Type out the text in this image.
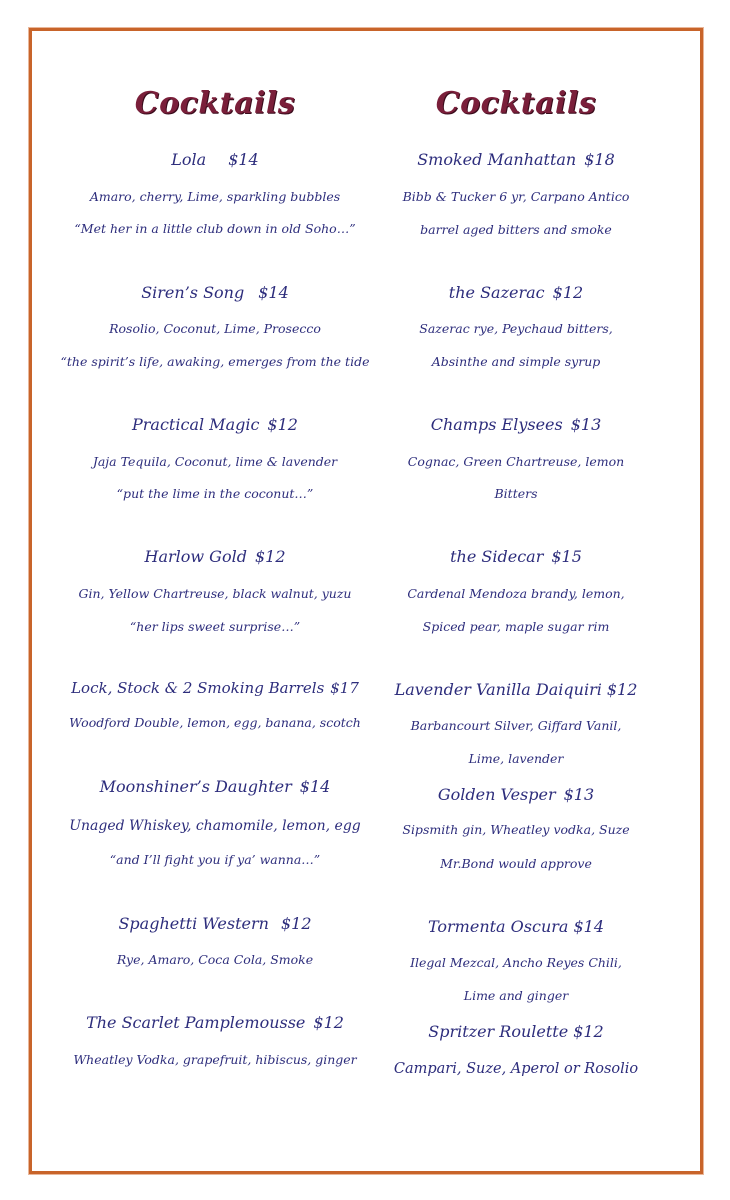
Cocktails
Lola $14
Amaro, cherry, Lime, sparkling bubbles
“Met her in a little club down in old Soho…”
Siren’s Song $14
Rosolio, Coconut, Lime, Prosecco
“the spirit’s life, awaking, emerges from the tide
Practical Magic $12
Jaja Tequila, Coconut, lime & lavender
“put the lime in the coconut…”
Harlow Gold $12
Gin, Yellow Chartreuse, black walnut, yuzu
“her lips sweet surprise…”
Lock, Stock & 2 Smoking Barrels $17
Woodford Double, lemon, egg, banana, scotch
Moonshiner’s Daughter $14
Unaged Whiskey, chamomile, lemon, egg
“and I’ll fight you if ya’ wanna…”
Spaghetti Western $12
Rye, Amaro, Coca Cola, Smoke
The Scarlet Pamplemousse $12
Wheatley Vodka, grapefruit, hibiscus, ginger
Cocktails
Smoked Manhattan $18
Bibb & Tucker 6 yr, Carpano Antico
barrel aged bitters and smoke
the Sazerac $12
Sazerac rye, Peychaud bitters,
Absinthe and simple syrup
Champs Elysees $13
Cognac, Green Chartreuse, lemon
Bitters
the Sidecar $15
Cardenal Mendoza brandy, lemon,
Spiced pear, maple sugar rim
Lavender Vanilla Daiquiri $12
Barbancourt Silver, Giffard Vanil,
Lime, lavender
Golden Vesper $13
Sipsmith gin, Wheatley vodka, Suze
Mr.Bond would approve
Tormenta Oscura $14
Ilegal Mezcal, Ancho Reyes Chili,
Lime and ginger
Spritzer Roulette $12
Campari, Suze, Aperol or Rosolio
